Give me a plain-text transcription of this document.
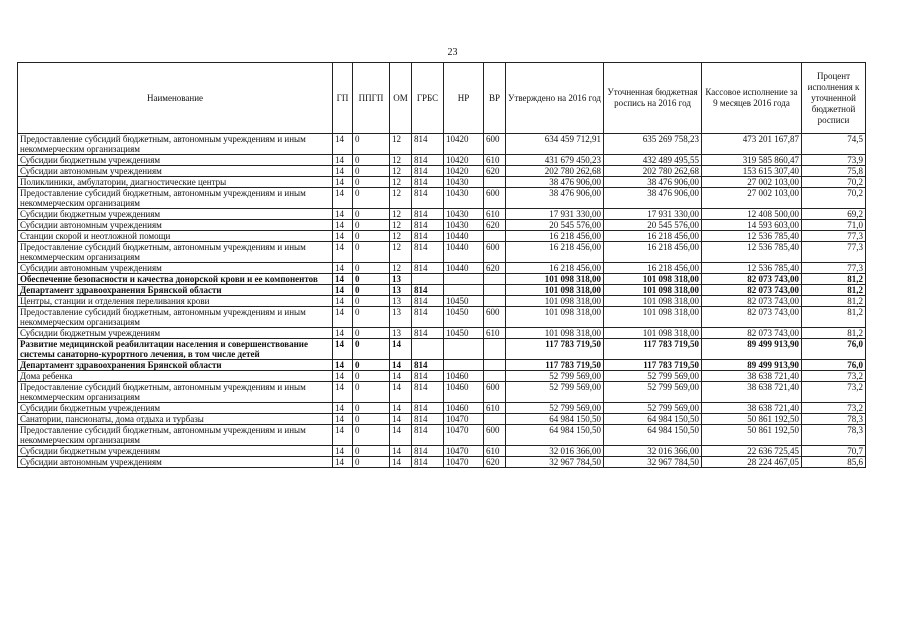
23
Наименование	ГП	ППГП	ОМ	ГРБС	НР	ВР	Утверждено на 2016 год	Уточненная бюджетная роспись на 2016 год	Кассовое исполнение за 9 месяцев 2016 года	Процент исполнения к уточненной бюджетной росписи
Предоставление субсидий бюджетным, автономным учреждениям и иным некоммерческим организациям	14	0	12	814	10420	600	634 459 712,91	635 269 758,23	473 201 167,87	74,5
Субсидии бюджетным учреждениям	14	0	12	814	10420	610	431 679 450,23	432 489 495,55	319 585 860,47	73,9
Субсидии автономным учреждениям	14	0	12	814	10420	620	202 780 262,68	202 780 262,68	153 615 307,40	75,8
Поликлиники, амбулатории, диагностические центры	14	0	12	814	10430		38 476 906,00	38 476 906,00	27 002 103,00	70,2
Предоставление субсидий бюджетным, автономным учреждениям и иным некоммерческим организациям	14	0	12	814	10430	600	38 476 906,00	38 476 906,00	27 002 103,00	70,2
Субсидии бюджетным учреждениям	14	0	12	814	10430	610	17 931 330,00	17 931 330,00	12 408 500,00	69,2
Субсидии автономным учреждениям	14	0	12	814	10430	620	20 545 576,00	20 545 576,00	14 593 603,00	71,0
Станции скорой и неотложной помощи	14	0	12	814	10440		16 218 456,00	16 218 456,00	12 536 785,40	77,3
Предоставление субсидий бюджетным, автономным учреждениям и иным некоммерческим организациям	14	0	12	814	10440	600	16 218 456,00	16 218 456,00	12 536 785,40	77,3
Субсидии автономным учреждениям	14	0	12	814	10440	620	16 218 456,00	16 218 456,00	12 536 785,40	77,3
Обеспечение безопасности и качества донорской крови и ее компонентов	14	0	13				101 098 318,00	101 098 318,00	82 073 743,00	81,2
Департамент здравоохранения Брянской области	14	0	13	814			101 098 318,00	101 098 318,00	82 073 743,00	81,2
Центры, станции и отделения переливания крови	14	0	13	814	10450		101 098 318,00	101 098 318,00	82 073 743,00	81,2
Предоставление субсидий бюджетным, автономным учреждениям и иным некоммерческим организациям	14	0	13	814	10450	600	101 098 318,00	101 098 318,00	82 073 743,00	81,2
Субсидии бюджетным учреждениям	14	0	13	814	10450	610	101 098 318,00	101 098 318,00	82 073 743,00	81,2
Развитие медицинской реабилитации населения и совершенствование системы санаторно-курортного лечения, в том числе детей	14	0	14				117 783 719,50	117 783 719,50	89 499 913,90	76,0
Департамент здравоохранения Брянской области	14	0	14	814			117 783 719,50	117 783 719,50	89 499 913,90	76,0
Дома ребенка	14	0	14	814	10460		52 799 569,00	52 799 569,00	38 638 721,40	73,2
Предоставление субсидий бюджетным, автономным учреждениям и иным некоммерческим организациям	14	0	14	814	10460	600	52 799 569,00	52 799 569,00	38 638 721,40	73,2
Субсидии бюджетным учреждениям	14	0	14	814	10460	610	52 799 569,00	52 799 569,00	38 638 721,40	73,2
Санатории, пансионаты, дома отдыха и турбазы	14	0	14	814	10470		64 984 150,50	64 984 150,50	50 861 192,50	78,3
Предоставление субсидий бюджетным, автономным учреждениям и иным некоммерческим организациям	14	0	14	814	10470	600	64 984 150,50	64 984 150,50	50 861 192,50	78,3
Субсидии бюджетным учреждениям	14	0	14	814	10470	610	32 016 366,00	32 016 366,00	22 636 725,45	70,7
Субсидии автономным учреждениям	14	0	14	814	10470	620	32 967 784,50	32 967 784,50	28 224 467,05	85,6
